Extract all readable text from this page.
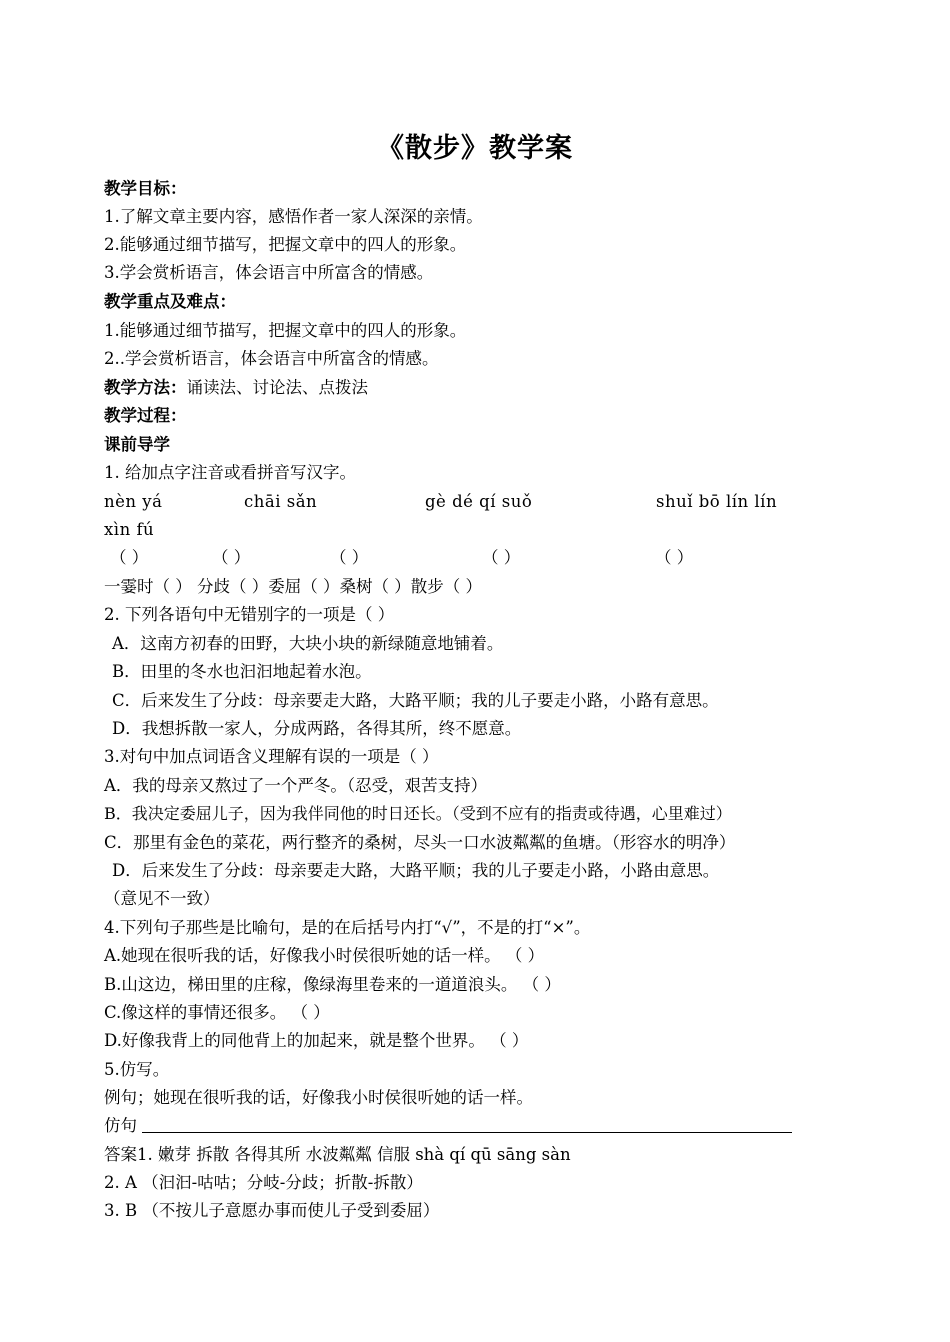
《散步》教学案
教学目标：
1.了解文章主要内容，感悟作者一家人深深的亲情。
2.能够通过细节描写，把握文章中的四人的形象。
3.学会赏析语言，体会语言中所富含的情感。
教学重点及难点：
1.能够通过细节描写，把握文章中的四人的形象。
2..学会赏析语言，体会语言中所富含的情感。
教学方法：诵读法、讨论法、点拨法
教学过程：
课前导学
1. 给加点字注音或看拼音写汉字。
nèn yá	chāi sǎn	gè dé qí suǒ	shuǐ bō lín lín
xìn fú
（ ）	（ ）	（ ）	（ ）	（ ）
一霎时（ ） 分歧（ ）委屈（ ）桑树（ ）散步（ ）
2. 下列各语句中无错别字的一项是（ ）
A．这南方初春的田野，大块小块的新绿随意地铺着。
B．田里的冬水也汩汩地起着水泡。
C．后来发生了分歧：母亲要走大路，大路平顺；我的儿子要走小路，小路有意思。
D．我想拆散一家人，分成两路，各得其所，终不愿意。
3.对句中加点词语含义理解有误的一项是（ ）
A．我的母亲又熬过了一个严冬。（忍受，艰苦支持）
B．我决定委屈儿子，因为我伴同他的时日还长。（受到不应有的指责或待遇，心里难过）
C．那里有金色的菜花，两行整齐的桑树，尽头一口水波粼粼的鱼塘。（形容水的明净）
D．后来发生了分歧：母亲要走大路，大路平顺；我的儿子要走小路，小路由意思。
（意见不一致）
4.下列句子那些是比喻句，是的在后括号内打“√”，不是的打“×”。
A.她现在很听我的话，好像我小时侯很听她的话一样。 （ ）
B.山这边，梯田里的庄稼，像绿海里卷来的一道道浪头。 （ ）
C.像这样的事情还很多。 （ ）
D.好像我背上的同他背上的加起来，就是整个世界。 （ ）
5.仿写。
例句；她现在很听我的话，好像我小时侯很听她的话一样。
仿句
答案1. 嫩芽 拆散 各得其所 水波粼粼 信服 shà qí qū sāng sàn
2. A （汩汩-咕咕；分岐-分歧；折散-拆散）
3. B （不按儿子意愿办事而使儿子受到委屈）
